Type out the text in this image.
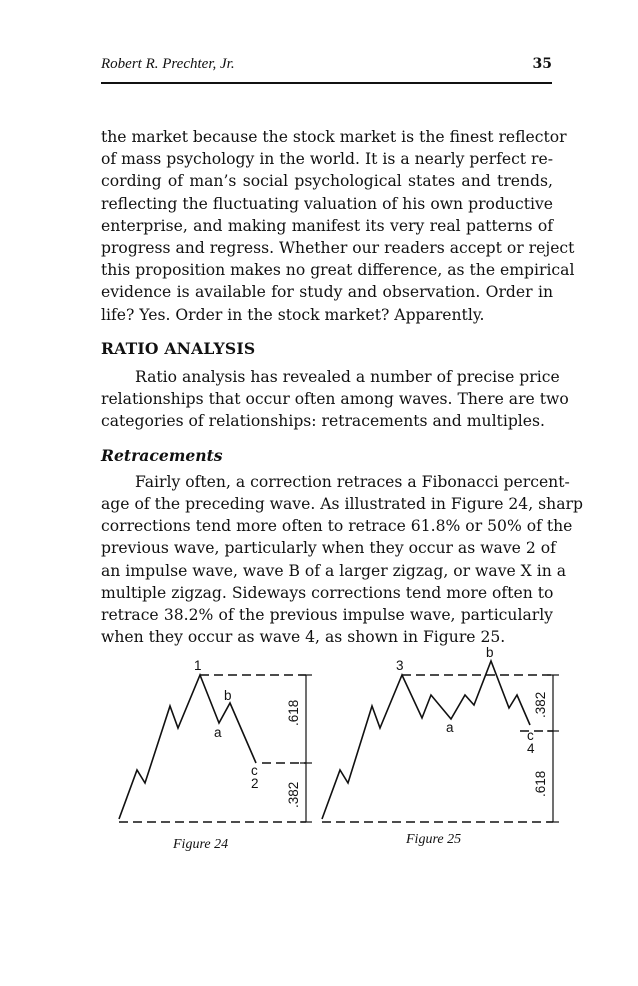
Robert R. Prechter, Jr.	35
the market because the stock market is the finest reflector
of mass psychology in the world. It is a nearly perfect re-
cording of man’s social psychological states and trends,
reflecting the fluctuating valuation of his own productive
enterprise, and making manifest its very real patterns of
progress and regress. Whether our readers accept or reject
this proposition makes no great difference, as the empirical
evidence is available for study and observation. Order in
life? Yes. Order in the stock market? Apparently.
RATIO ANALYSIS
Ratio analysis has revealed a number of precise price
relationships that occur often among waves. There are two
categories of relationships: retracements and multiples.
Retracements
Fairly often, a correction retraces a Fibonacci percent-
age of the preceding wave. As illustrated in Figure 24, sharp
corrections tend more often to retrace 61.8% or 50% of the
previous wave, particularly when they occur as wave 2 of
an impulse wave, wave B of a larger zigzag, or wave X in a
multiple zigzag. Sideways corrections tend more often to
retrace 38.2% of the previous impulse wave, particularly
when they occur as wave 4, as shown in Figure 25.
1
b
a
c
2
.618
.382
3
b
a
c
4
.382
.618
Figure 24	Figure 25
